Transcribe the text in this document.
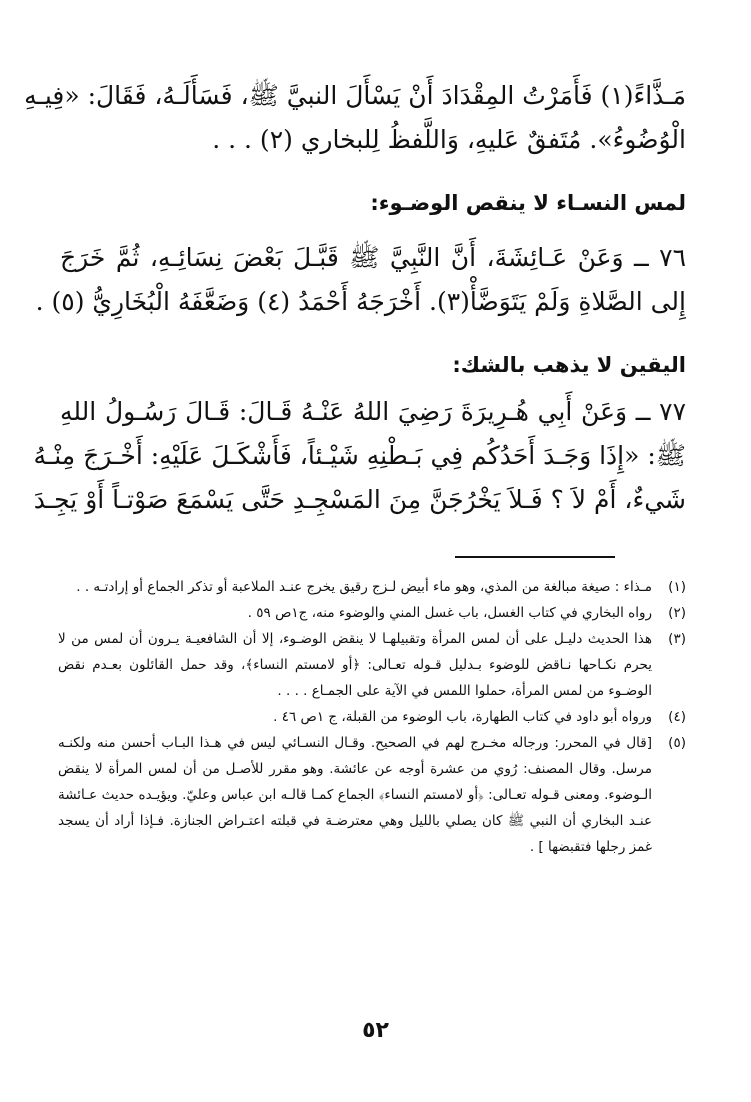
مَـذَّاءً(١) فَأَمَرْتُ المِقْدَادَ أَنْ يَسْأَلَ النبيَّ ﷺ، فَسَأَلَـهُ، فَقَالَ: «فِيـهِ

الْوُضُوءُ». مُتَفقٌ عَليهِ، وَاللَّفظُ لِلبخاري (٢) . . .

لمس النسـاء لا ينقص الوضـوء:

٧٦ ــ وَعَنْ عَـائِشَةَ، أَنَّ النَّبِيَّ ﷺ قَبَّـلَ بَعْضَ نِسَائِـهِ، ثُمَّ خَرَجَ

إِلى الصَّلاةِ وَلَمْ يَتَوَضَّأْ(٣). أَخْرَجَهُ أَحْمَدُ (٤) وَضَعَّفَهُ الْبُخَارِيُّ (٥) .

اليقين لا يذهب بالشك:

٧٧ ــ وَعَنْ أَبِي هُـرِيرَةَ رَضِيَ اللهُ عَنْـهُ قَـالَ: قَـالَ رَسُـولُ اللهِ

ﷺ: «إِذَا وَجَـدَ أَحَدُكُم فِي بَـطْنِهِ شَيْـئاً، فَأَشْكَـلَ عَلَيْهِ: أَخْـرَجَ مِنْـهُ

شَيءٌ، أَمْ لاَ ؟ فَـلاَ يَخْرُجَنَّ مِنَ المَسْجِـدِ حَتَّى يَسْمَعَ صَوْتـاً أَوْ يَجِـدَ

(١)
مـذاء : صيغة مبالغة من المذي، وهو ماء أبيض لـزج رقيق يخرج عنـد الملاعبة أو تذكر الجماع أو إرادتـه . .
(٢)
رواه البخاري في كتاب الغسل، باب غسل المني والوضوء منه، ج١ص ٥٩ .
(٣)
هذا الحديث دليـل على أن لمس المرأة وتقبيلهـا لا ينقض الوضـوء، إلا أن الشافعيـة يـرون أن لمس من لا يحرم نكـاحها نـاقض للوضوء بـدليل قـوله تعـالى: ﴿أو لامستم النساء﴾، وقد حمل القائلون بعـدم نقض الوضـوء من لمس المرأة، حملوا اللمس في الآية على الجمـاع . . . .
(٤)
ورواه أبو داود في كتاب الطهارة، باب الوضوء من القبلة، ج ١ص ٤٦ .
(٥)
[قال في المحرر: ورجاله مخـرج لهم في الصحيح. وقـال النسـائي ليس في هـذا البـاب أحسن منه ولكنـه مرسل. وقال المصنف: رُوي من عشرة أوجه عن عائشة. وهو مقرر للأصـل من أن لمس المرأة لا ينقض الـوضوء. ومعنى قـوله تعـالى: ﴿أو لامستم النساء﴾ الجماع كمـا قالـه ابن عباس وعليّ. ويؤيـده حديث عـائشة عنـد البخاري أن النبي ﷺ كان يصلي بالليل وهي معترضـة في قبلته اعتـراض الجنازة. فـإذا أراد أن يسجد غمز رجلها فتقبضها ] .
٥٢
